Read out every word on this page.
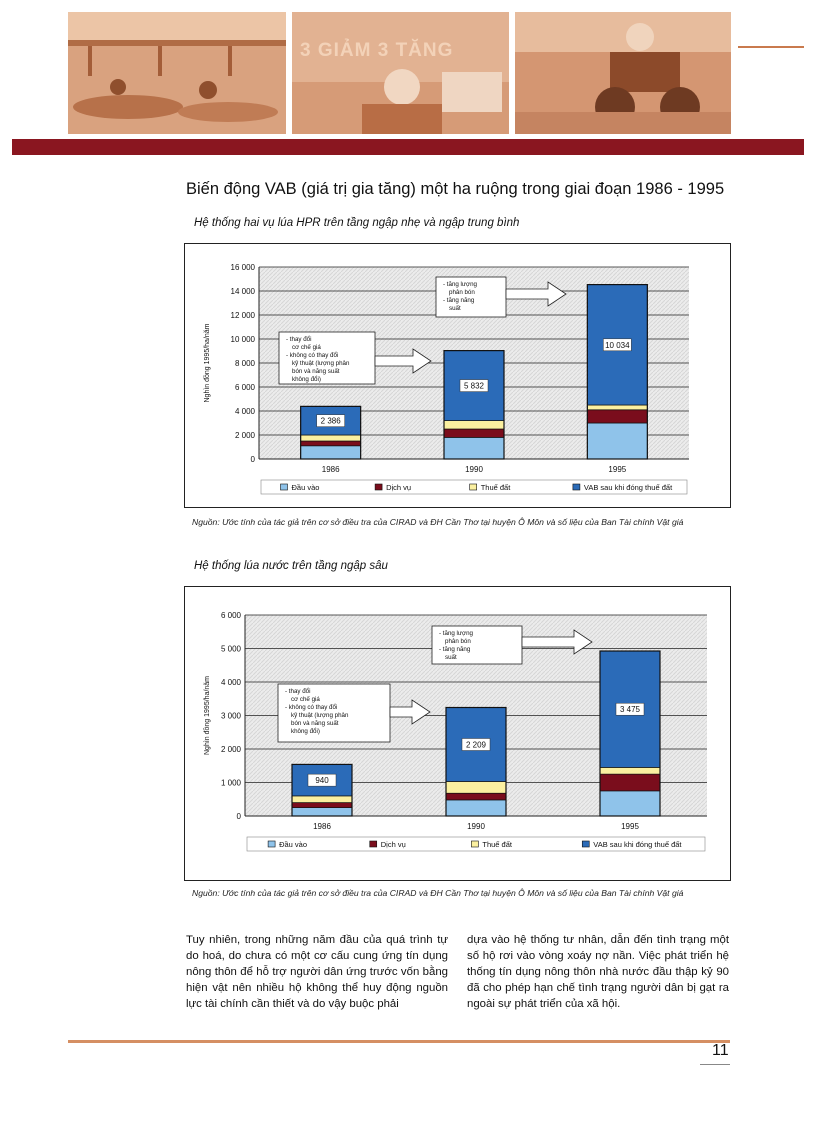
3 GIẢM 3 TĂNG
Biến động VAB (giá trị gia tăng) một ha ruộng trong giai đoạn 1986 - 1995
Hệ thống hai vụ lúa HPR trên tầng ngập nhẹ và ngập trung bình
0
2 000
4 000
6 000
8 000
10 000
12 000
14 000
16 000
Nghìn đồng 1995/ha/năm
2 386
1986
5 832
1990
10 034
1995
Đầu vào	Dịch vụ	Thuế đất	VAB sau khi đóng thuế đất
- thay đổi
cơ chế giá
- không có thay đổi
kỹ thuật (lượng phân
bón và năng suất
không đổi)
- tăng lượng
phân bón
- tăng năng
suất
Nguồn: Ước tính của tác giả trên cơ sở điều tra của CIRAD và ĐH Cần Thơ tại huyện Ô Môn và số liệu của Ban Tài chính Vật giá
Hệ thống lúa nước trên tầng ngập sâu
0
1 000
2 000
3 000
4 000
5 000
6 000
Nghìn đồng 1995/ha/năm
940
1986
2 209
1990
3 475
1995
Đầu vào	Dịch vụ	Thuế đất	VAB sau khi đóng thuế đất
- thay đổi
cơ chế giá
- không có thay đổi
kỹ thuật (lượng phân
bón và năng suất
không đổi)
- tăng lượng
phân bón
- tăng năng
suất
Nguồn: Ước tính của tác giả trên cơ sở điều tra của CIRAD và ĐH Cần Thơ tại huyện Ô Môn và số liệu của Ban Tài chính Vật giá
Tuy nhiên, trong những năm đầu của quá trình tự do hoá, do chưa có một cơ cấu cung ứng tín dụng nông thôn để hỗ trợ người dân ứng trước vốn bằng hiện vật nên nhiều hộ không thể huy động nguồn lực tài chính cần thiết và do vậy buộc phải
dựa vào hệ thống tư nhân, dẫn đến tình trạng một số hộ rơi vào vòng xoáy nợ nần. Việc phát triển hệ thống tín dụng nông thôn nhà nước đầu thập kỷ 90 đã cho phép hạn chế tình trạng người dân bị gạt ra ngoài sự phát triển của xã hội.
11
